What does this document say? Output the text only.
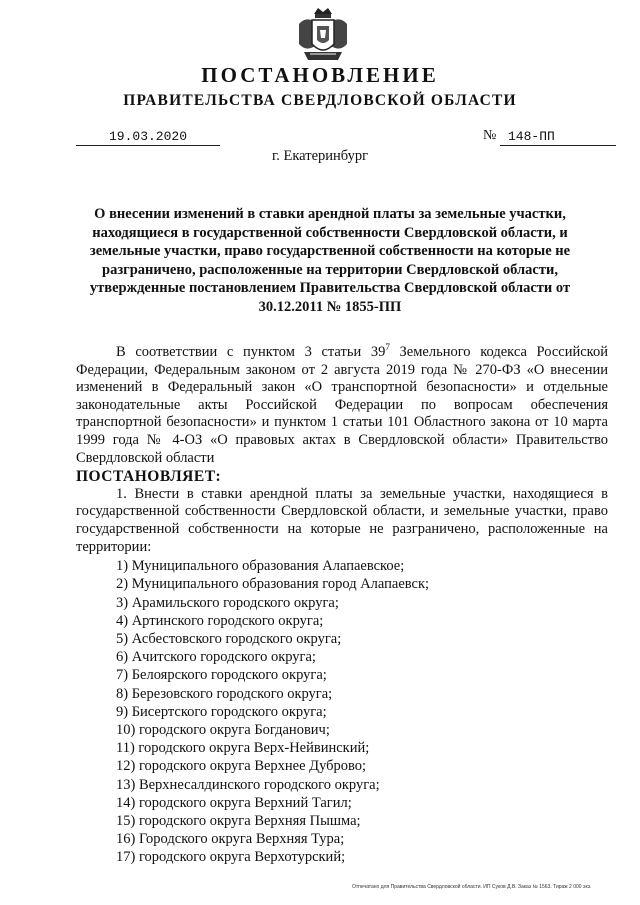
ПОСТАНОВЛЕНИЕ
ПРАВИТЕЛЬСТВА СВЕРДЛОВСКОЙ ОБЛАСТИ
19.03.2020	№ 148-ПП
г. Екатеринбург
О внесении изменений в ставки арендной платы за земельные участки, находящиеся в государственной собственности Свердловской области, и земельные участки, право государственной собственности на которые не разграничено, расположенные на территории Свердловской области, утвержденные постановлением Правительства Свердловской области от 30.12.2011 № 1855-ПП

В соответствии с пунктом 3 статьи $39^7$ Земельного кодекса Российской Федерации, Федеральным законом от 2 августа 2019 года № 270-ФЗ «О внесении изменений в Федеральный закон «О транспортной безопасности» и отдельные законодательные акты Российской Федерации по вопросам обеспечения транспортной безопасности» и пунктом 1 статьи 101 Областного закона от 10 марта 1999 года № 4-ОЗ «О правовых актах в Свердловской области» Правительство Свердловской области

ПОСТАНОВЛЯЕТ:

1. Внести в ставки арендной платы за земельные участки, находящиеся в государственной собственности Свердловской области, и земельные участки, право государственной собственности на которые не разграничено, расположенные на территории:

1) Муниципального образования Алапаевское;
2) Муниципального образования город Алапаевск;
3) Арамильского городского округа;
4) Артинского городского округа;
5) Асбестовского городского округа;
6) Ачитского городского округа;
7) Белоярского городского округа;
8) Березовского городского округа;
9) Бисертского городского округа;
10) городского округа Богданович;
11) городского округа Верх-Нейвинский;
12) городского округа Верхнее Дуброво;
13) Верхнесалдинского городского округа;
14) городского округа Верхний Тагил;
15) городского округа Верхняя Пышма;
16) Городского округа Верхняя Тура;
17) городского округа Верхотурский;
Отпечатано для Правительства Свердловской области. ИП Суков Д.В. Заказ № 1563. Тираж 2 000 экз.
